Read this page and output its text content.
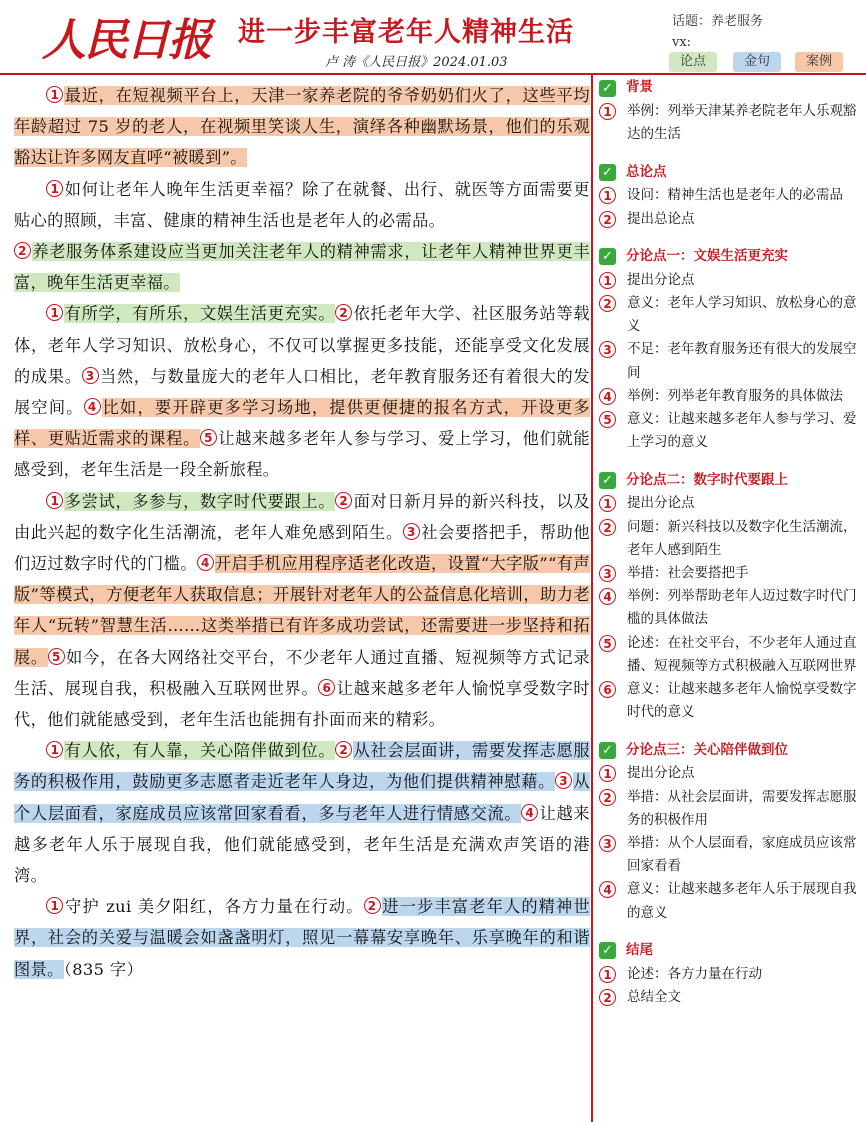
人民日报 进一步丰富老年人精神生活
卢 涛《人民日报》2024.01.03
话题：养老服务
vx:
论点	金句	案例

1 最近，在短视频平台上，天津一家养老院的爷爷奶奶们火了，这些平均年龄超过 75 岁的老人，在视频里笑谈人生，演绎各种幽默场景，他们的乐观豁达让许多网友直呼“被暖到”。

1 如何让老年人晚年生活更幸福？除了在就餐、出行、就医等方面需要更贴心的照顾，丰富、健康的精神生活也是老年人的必需品。
2 养老服务体系建设应当更加关注老年人的精神需求，让老年人精神世界更丰富，晚年生活更幸福。

1 有所学，有所乐，文娱生活更充实。 2 依托老年大学、社区服务站等载体，老年人学习知识、放松身心，不仅可以掌握更多技能，还能享受文化发展的成果。 3 当然，与数量庞大的老年人口相比，老年教育服务还有着很大的发展空间。 4 比如，要开辟更多学习场地，提供更便捷的报名方式，开设更多样、更贴近需求的课程。 5 让越来越多老年人参与学习、爱上学习，他们就能感受到，老年生活是一段全新旅程。

1 多尝试，多参与，数字时代要跟上。 2 面对日新月异的新兴科技，以及由此兴起的数字化生活潮流，老年人难免感到陌生。 3 社会要搭把手，帮助他们迈过数字时代的门槛。 4 开启手机应用程序适老化改造，设置“大字版”“有声版”等模式，方便老年人获取信息；开展针对老年人的公益信息化培训，助力老年人“玩转”智慧生活……这类举措已有许多成功尝试，还需要进一步坚持和拓展。 5 如今，在各大网络社交平台，不少老年人通过直播、短视频等方式记录生活、展现自我，积极融入互联网世界。 6 让越来越多老年人愉悦享受数字时代，他们就能感受到，老年生活也能拥有扑面而来的精彩。

1 有人依，有人靠，关心陪伴做到位。 2 从社会层面讲，需要发挥志愿服务的积极作用，鼓励更多志愿者走近老年人身边，为他们提供精神慰藉。 3 从个人层面看，家庭成员应该常回家看看，多与老年人进行情感交流。 4 让越来越多老年人乐于展现自我，他们就能感受到，老年生活是充满欢声笑语的港湾。

1 守护 zui 美夕阳红，各方力量在行动。 2 进一步丰富老年人的精神世界，社会的关爱与温暖会如盏盏明灯，照见一幕幕安享晚年、乐享晚年的和谐图景。（835 字）

✓ 背景
1	举例：列举天津某养老院老年人乐观豁达的生活
✓ 总论点
1	设问：精神生活也是老年人的必需品
2	提出总论点
✓ 分论点一：文娱生活更充实
1	提出分论点
2	意义：老年人学习知识、放松身心的意义
3	不足：老年教育服务还有很大的发展空间
4	举例：列举老年教育服务的具体做法
5	意义：让越来越多老年人参与学习、爱上学习的意义
✓ 分论点二：数字时代要跟上
1	提出分论点
2	问题：新兴科技以及数字化生活潮流，老年人感到陌生
3	举措：社会要搭把手
4	举例：列举帮助老年人迈过数字时代门槛的具体做法
5	论述：在社交平台，不少老年人通过直播、短视频等方式积极融入互联网世界
6	意义：让越来越多老年人愉悦享受数字时代的意义
✓ 分论点三：关心陪伴做到位
1	提出分论点
2	举措：从社会层面讲，需要发挥志愿服务的积极作用
3	举措：从个人层面看，家庭成员应该常回家看看
4	意义：让越来越多老年人乐于展现自我的意义
✓ 结尾
1	论述：各方力量在行动
2	总结全文
